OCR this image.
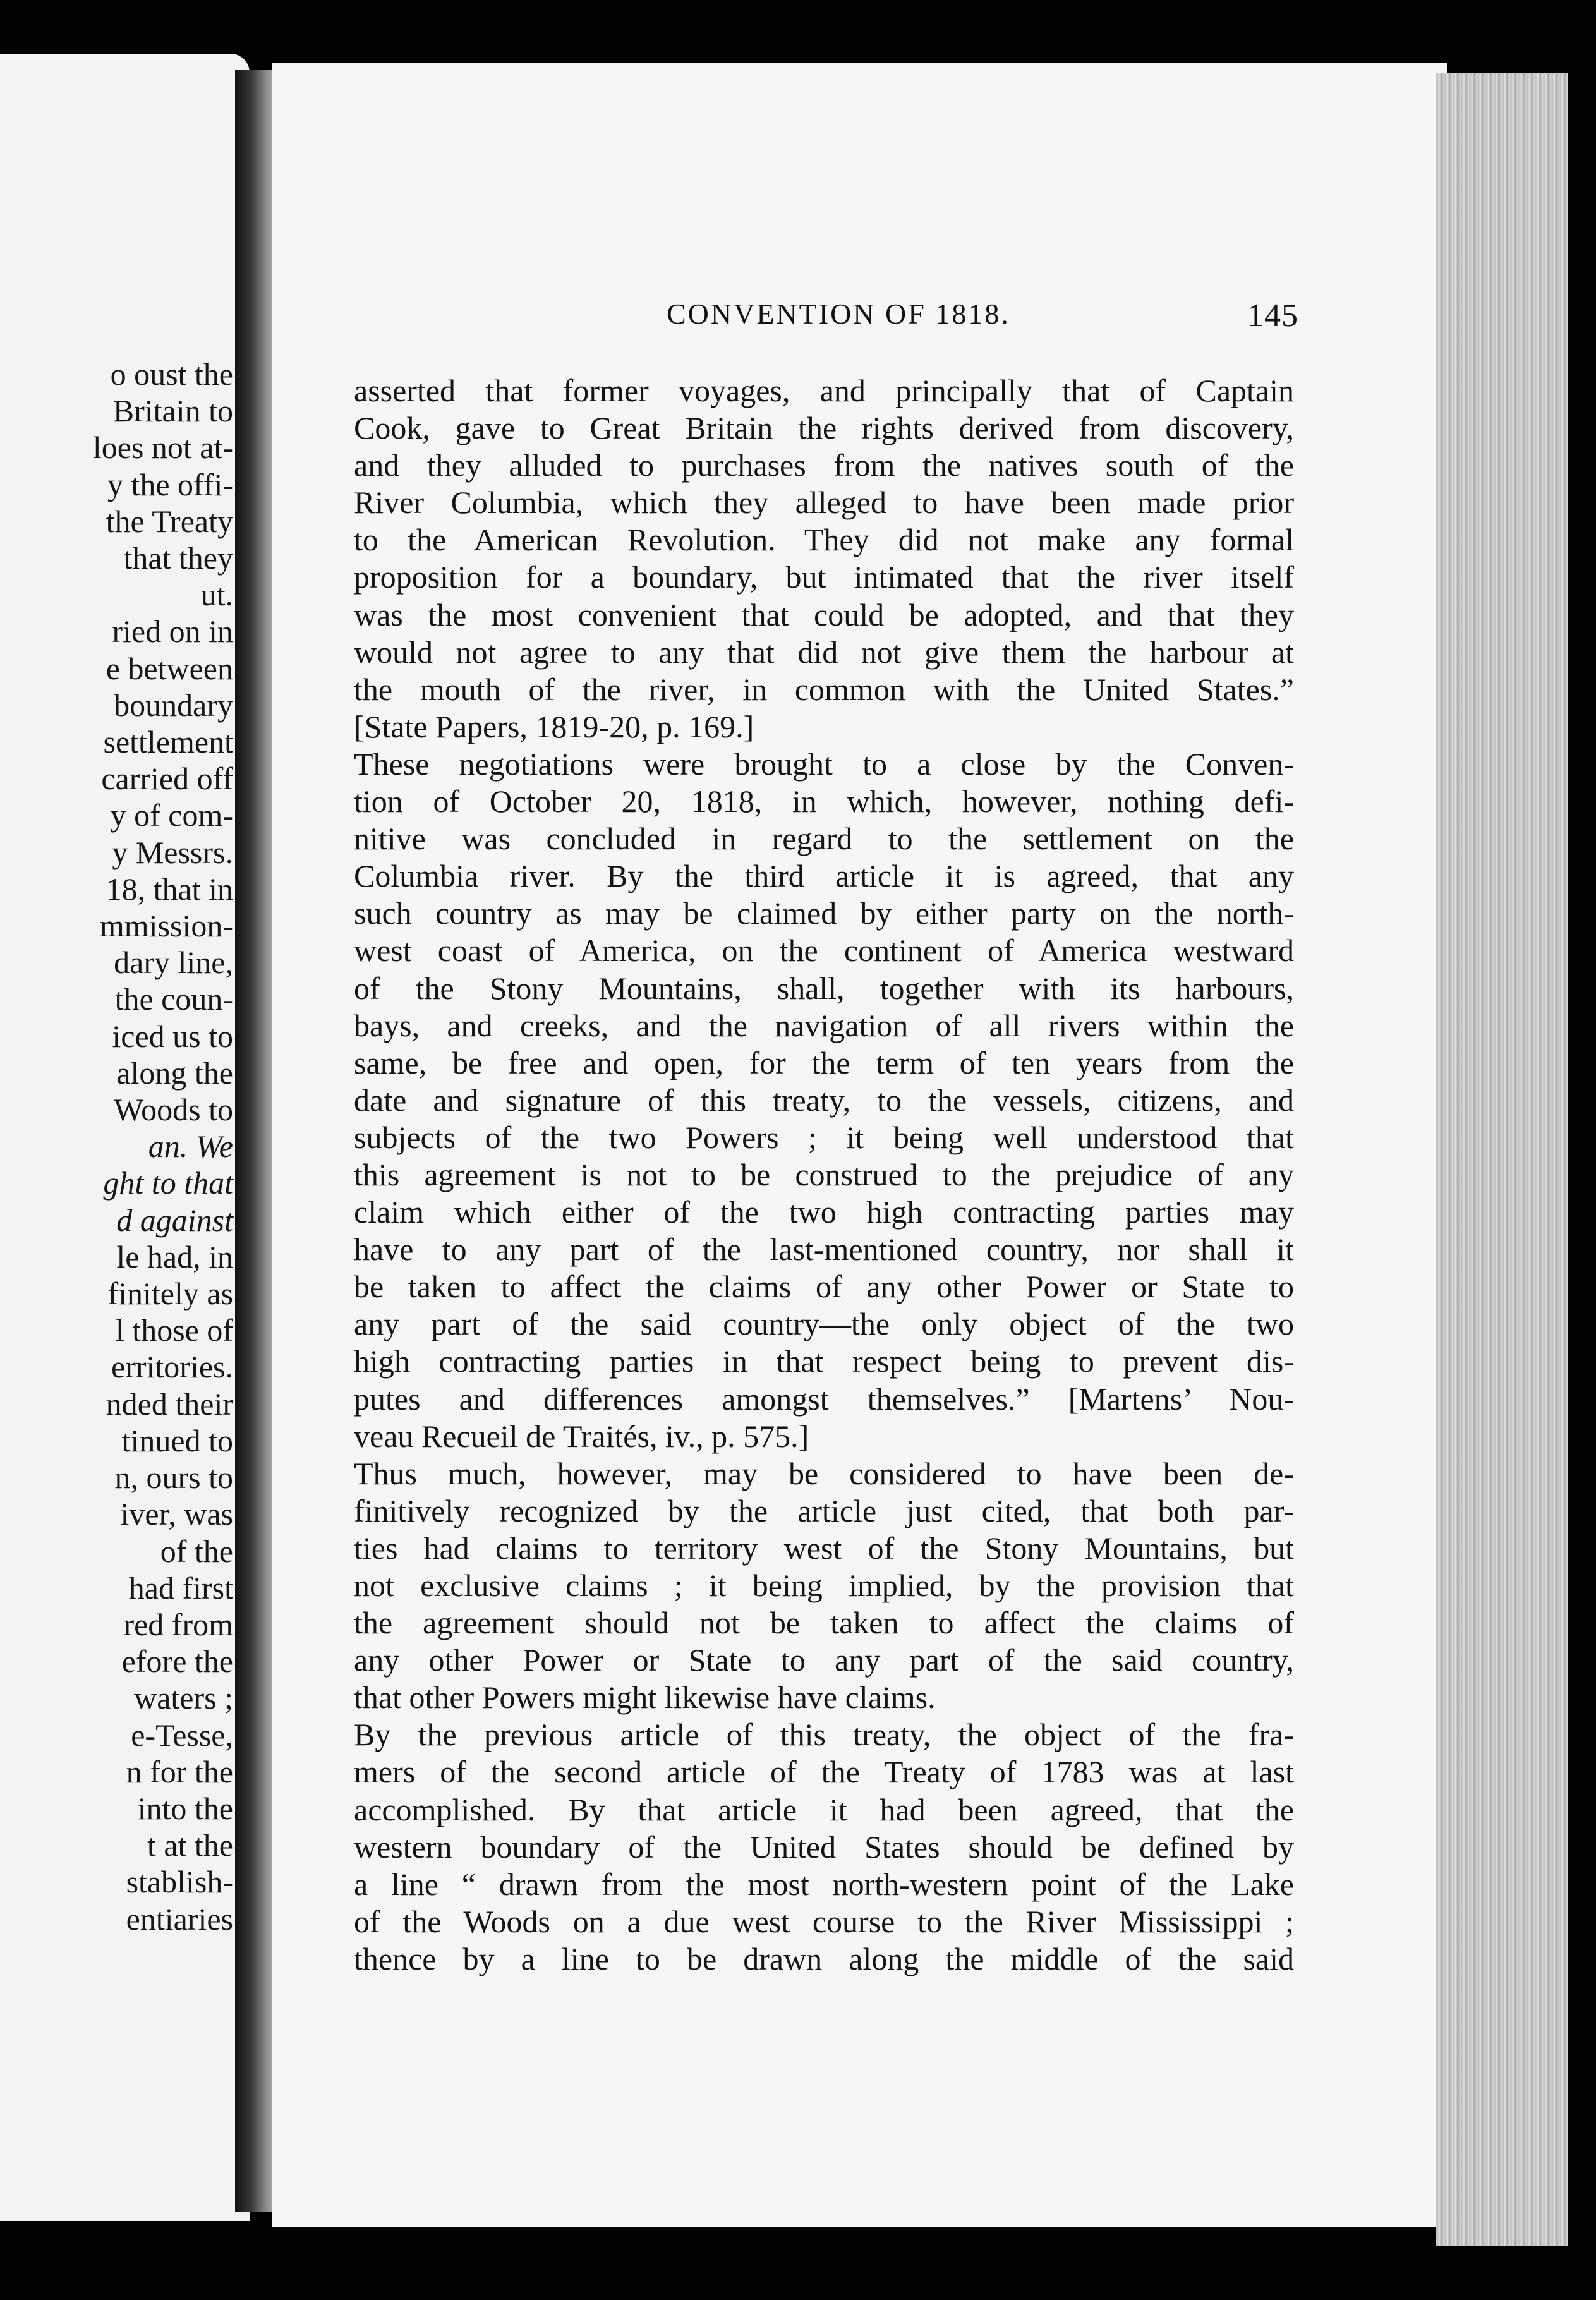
o oust the
Britain to
loes not at-
y the offi-
the Treaty
that they
ut.
ried on in
e between
boundary
settlement
carried off
y of com-
y Messrs.
18, that in
mmission-
dary line,
the coun-
iced us to
along the
Woods to
an. We
ght to that
d against
le had, in
finitely as
l those of
erritories.
nded their
tinued to
n, ours to
iver, was
of the
had first
red from
efore the
waters ;
e-Tesse,
n for the
into the
t at the
stablish-
entiaries
CONVENTION OF 1818.	145
asserted that former voyages, and principally that of Captain
Cook, gave to Great Britain the rights derived from discovery,
and they alluded to purchases from the natives south of the
River Columbia, which they alleged to have been made prior
to the American Revolution. They did not make any formal
proposition for a boundary, but intimated that the river itself
was the most convenient that could be adopted, and that they
would not agree to any that did not give them the harbour at
the mouth of the river, in common with the United States.”
[State Papers, 1819-20, p. 169.]
These negotiations were brought to a close by the Conven-
tion of October 20, 1818, in which, however, nothing defi-
nitive was concluded in regard to the settlement on the
Columbia river. By the third article it is agreed, that any
such country as may be claimed by either party on the north-
west coast of America, on the continent of America westward
of the Stony Mountains, shall, together with its harbours,
bays, and creeks, and the navigation of all rivers within the
same, be free and open, for the term of ten years from the
date and signature of this treaty, to the vessels, citizens, and
subjects of the two Powers ; it being well understood that
this agreement is not to be construed to the prejudice of any
claim which either of the two high contracting parties may
have to any part of the last-mentioned country, nor shall it
be taken to affect the claims of any other Power or State to
any part of the said country—the only object of the two
high contracting parties in that respect being to prevent dis-
putes and differences amongst themselves.” [Martens’ Nou-
veau Recueil de Traités, iv., p. 575.]
Thus much, however, may be considered to have been de-
finitively recognized by the article just cited, that both par-
ties had claims to territory west of the Stony Mountains, but
not exclusive claims ; it being implied, by the provision that
the agreement should not be taken to affect the claims of
any other Power or State to any part of the said country,
that other Powers might likewise have claims.
By the previous article of this treaty, the object of the fra-
mers of the second article of the Treaty of 1783 was at last
accomplished. By that article it had been agreed, that the
western boundary of the United States should be defined by
a line “ drawn from the most north-western point of the Lake
of the Woods on a due west course to the River Mississippi ;
thence by a line to be drawn along the middle of the said
